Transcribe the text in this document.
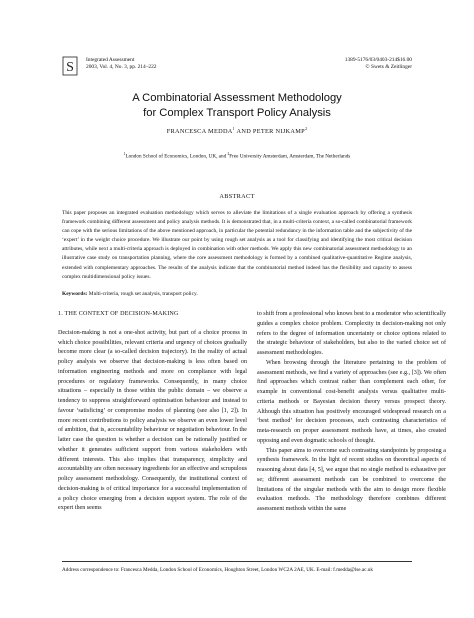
S Integrated Assessment
2003, Vol. 4, No. 3, pp. 214–222
1389-5176/03/0403-214$16.00
© Swets & Zeitlinger
A Combinatorial Assessment Methodology
for Complex Transport Policy Analysis
FRANCESCA MEDDA$^1$ AND PETER NIJKAMP$^2$
$^1$London School of Economics, London, UK, and $^2$Free University Amsterdam, Amsterdam, The Netherlands
ABSTRACT
This paper proposes an integrated evaluation methodology which serves to alleviate the limitations of a single evaluation approach by offering a synthesis framework combining different assessment and policy analysis methods. It is demonstrated that, in a multi-criteria context, a so-called combinatorial framework can cope with the serious limitations of the above mentioned approach, in particular the potential redundancy in the information table and the subjectivity of the ‘expert’ in the weight choice procedure. We illustrate our point by using rough set analysis as a tool for classifying and identifying the most critical decision attributes, while next a multi-criteria approach is deployed in combination with other methods. We apply this new combinatorial assessment methodology to an illustrative case study on transportation planning, where the core assessment methodology is formed by a combined qualitative-quantitative Regime analysis, extended with complementary approaches. The results of the analysis indicate that the combinatorial method indeed has the flexibility and capacity to assess complex multidimensional policy issues.
Keywords: Multi-criteria, rough set analysis, transport policy.
1. THE CONTEXT OF DECISION-MAKING

Decision-making is not a one-shot activity, but part of a choice process in which choice possibilities, relevant criteria and urgency of choices gradually become more clear (a so-called decision trajectory). In the reality of actual policy analysis we observe that decision-making is less often based on information engineering methods and more on compliance with legal procedures or regulatory frameworks. Consequently, in many choice situations – especially in those within the public domain – we observe a tendency to suppress straightforward optimisation behaviour and instead to favour ‘satisficing’ or compromise modes of planning (see also [1, 2]). In more recent contributions to policy analysis we observe an even lower level of ambition, that is, accountability behaviour or negotiation behaviour. In the latter case the question is whether a decision can be rationally justified or whether it generates sufficient support from various stakeholders with different interests. This also implies that transparency, simplicity and accountability are often necessary ingredients for an effective and scrupulous policy assessment methodology. Consequently, the institutional context of decision-making is of critical importance for a successful implementation of a policy choice emerging from a decision support system. The role of the expert then seems

to shift from a professional who knows best to a moderator who scientifically guides a complex choice problem. Complexity in decision-making not only refers to the degree of information uncertainty or choice options related to the strategic behaviour of stakeholders, but also to the varied choice set of assessment methodologies.

When browsing through the literature pertaining to the problem of assessment methods, we find a variety of approaches (see e.g., [3]). We often find approaches which contrast rather than complement each other, for example in conventional cost-benefit analysis versus qualitative multi-criteria methods or Bayesian decision theory versus prospect theory. Although this situation has positively encouraged widespread research on a ‘best method’ for decision processes, such contrasting characteristics of meta-research on proper assessment methods have, at times, also created opposing and even dogmatic schools of thought.

This paper aims to overcome such contrasting standpoints by proposing a synthesis framework. In the light of recent studies on theoretical aspects of reasoning about data [4, 5], we argue that no single method is exhaustive per se; different assessment methods can be combined to overcome the limitations of the singular methods with the aim to design more flexible evaluation methods. The methodology therefore combines different assessment methods within the same

Address correspondence to: Francesca Medda, London School of Economics, Houghton Street, London WC2A 2AE, UK. E-mail: f.medda@lse.ac.uk
